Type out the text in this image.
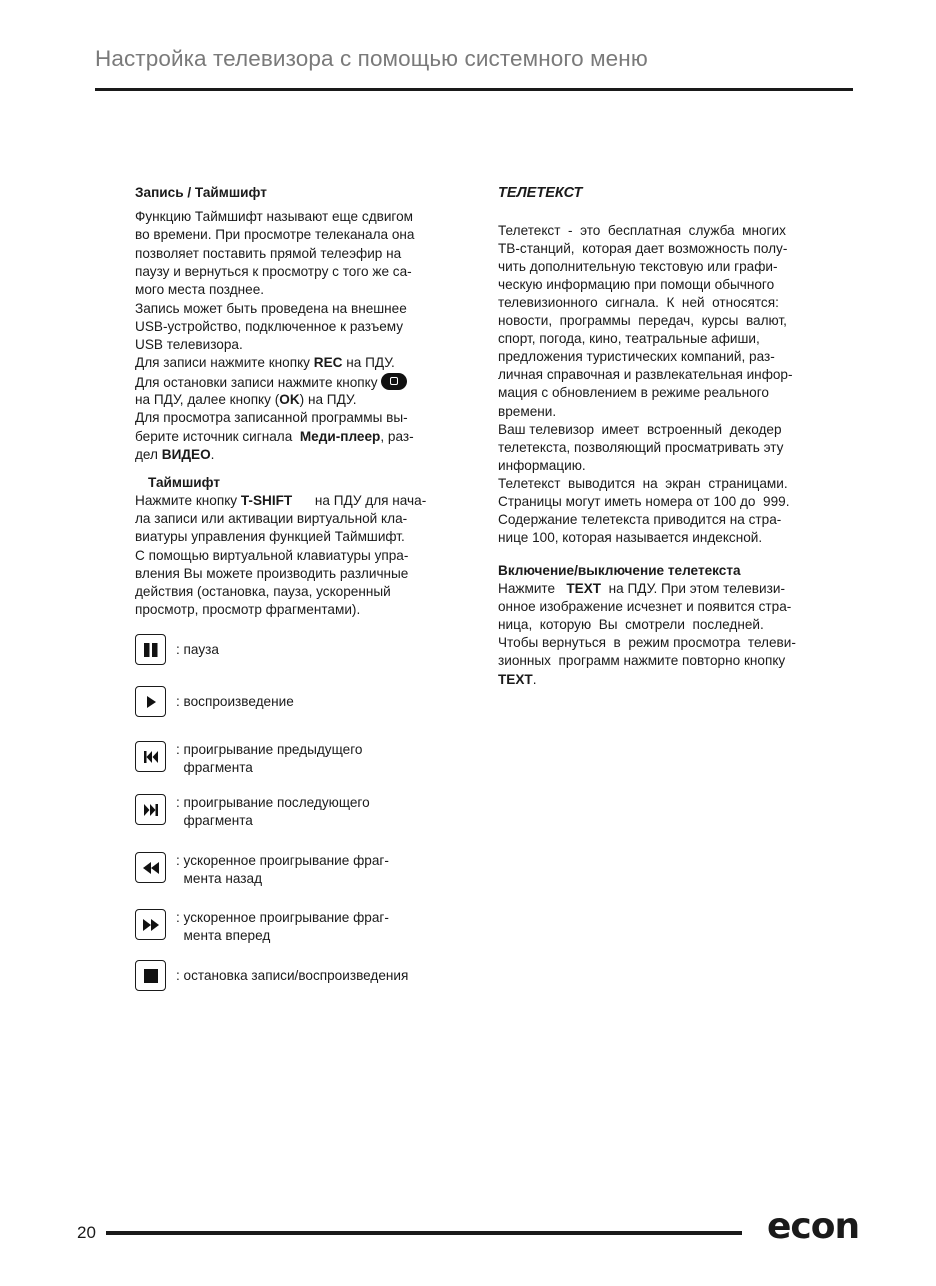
Настройка телевизора с помощью системного меню
Запись / Таймшифт
Функцию Таймшифт называют еще сдвигом
во времени. При просмотре телеканала она
позволяет поставить прямой телеэфир на
паузу и вернуться к просмотру с того же са-
мого места позднее.
Запись может быть проведена на внешнее
USB-устройство, подключенное к разъему
USB телевизора.
Для записи нажмите кнопку REC на ПДУ.
Для остановки записи нажмите кнопку
на ПДУ, далее кнопку (OK) на ПДУ.
Для просмотра записанной программы вы-
берите источник сигнала  Меди-плеер, раз-
дел ВИДЕО.
Таймшифт
Нажмите кнопку T-SHIFT      на ПДУ для нача-
ла записи или активации виртуальной кла-
виатуры управления функцией Таймшифт.
С помощью виртуальной клавиатуры упра-
вления Вы можете производить различные
действия (остановка, пауза, ускоренный
просмотр, просмотр фрагментами).
: пауза
: воспроизведение
: проигрывание предыдущего
фрагмента
: проигрывание последующего
фрагмента
: ускоренное проигрывание фраг-
мента назад
: ускоренное проигрывание фраг-
мента вперед
: остановка записи/воспроизведения
ТЕЛЕТЕКСТ
Телетекст  -  это  бесплатная  служба  многих
ТВ-станций,  которая дает возможность полу-
чить дополнительную текстовую или графи-
ческую информацию при помощи обычного
телевизионного  сигнала.  К  ней  относятся:
новости,  программы  передач,  курсы  валют,
спорт, погода, кино, театральные афиши,
предложения туристических компаний, раз-
личная справочная и развлекательная инфор-
мация с обновлением в режиме реального
времени.
Ваш телевизор  имеет  встроенный  декодер
телетекста, позволяющий просматривать эту
информацию.
Телетекст  выводится  на  экран  страницами.
Страницы могут иметь номера от 100 до  999.
Содержание телетекста приводится на стра-
нице 100, которая называется индексной.
Включение/выключение телетекста
Нажмите   TEXT  на ПДУ. При этом телевизи-
онное изображение исчезнет и появится стра-
ница,  которую  Вы  смотрели  последней.
Чтобы вернуться  в  режим просмотра  телеви-
зионных  программ нажмите повторно кнопку
TEXT.
20	econ
